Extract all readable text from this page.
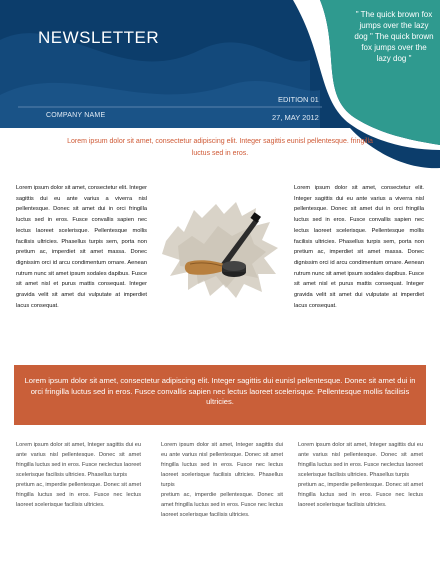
NEWSLETTER
COMPANY NAME
EDITION 01
27, MAY 2012
" The quick brown fox jumps over the lazy dog " The quick brown fox jumps over the lazy dog "
Lorem ipsum dolor sit amet, consectetur adipiscing elit. Integer sagittis eunisl pellentesque. fringilla luctus sed in eros.
Lorem ipsum dolor sit amet, consectetur elit. Integer sagittis dui eu ante varius a viverra nisl pellentesque. Donec sit amet dui in orci fringilla luctus sed in eros. Fusce convallis sapien nec lectus laoreet scelerisque. Pellentesque mollis facilisis ultricies. Phasellus turpis sem, porta non pretium ac, imperdiet sit amet massa. Donec dignissim orci id arcu condimentum ornare. Aenean rutrum nunc sit amet ipsum sodales dapibus. Fusce sit amet nisl et purus mattis consequat. Integer gravida velit sit amet dui vulputate at imperdiet lacus consequat.
Lorem ipsum dolor sit amet, consectetur elit. Integer sagittis dui eu ante varius a viverra nisl pellentesque. Donec sit amet dui in orci fringilla luctus sed in eros. Fusce convallis sapien nec lectus laoreet scelerisque. Pellentesque mollis facilisis ultricies. Phasellus turpis sem, porta non pretium ac, imperdiet sit amet massa. Donec dignissim orci id arcu condimentum ornare. Aenean rutrum nunc sit amet ipsum sodales dapibus. Fusce sit amet nisl et purus mattis consequat. Integer gravida velit sit amet dui vulputate at imperdiet lacus consequat.
Lorem ipsum dolor sit amet, consectetur adipiscing elit. Integer sagittis dui eunisl pellentesque. Donec sit amet dui in orci fringilla luctus sed in eros. Fusce convallis sapien nec lectus laoreet scelerisque. Pellentesque mollis facilisis ultricies.

Lorem ipsum dolor sit amet, Integer sagittis dui eu ante varius nisl pellentesque. Donec sit amet fringilla luctus sed in eros. Fusce neclectus laoreet scelerisque facilisis ultricies. Phasellus turpis

pretium ac, imperdie pellentesque. Donec sit amet fringilla luctus sed in eros. Fusce nec lectus laoreet scelerisque facilisis ultricies.

Lorem ipsum dolor sit amet, Integer sagittis dui eu ante varius nisl pellentesque. Donec sit amet fringilla luctus sed in eros. Fusce nec lectus laoreet scelerisque facilisis ultricies. Phasellus turpis

pretium ac, imperdie pellentesque. Donec sit amet fringilla luctus sed in eros. Fusce nec lectus laoreet scelerisque facilisis ultricies.

Lorem ipsum dolor sit amet, Integer sagittis dui eu ante varius nisl pellentesque. Donec sit amet fringilla luctus sed in eros. Fusce neclectus laoreet scelerisque facilisis ultricies. Phasellus turpis

pretium ac, imperdie pellentesque. Donec sit amet fringilla luctus sed in eros. Fusce nec lectus laoreet scelerisque facilisis ultricies.
